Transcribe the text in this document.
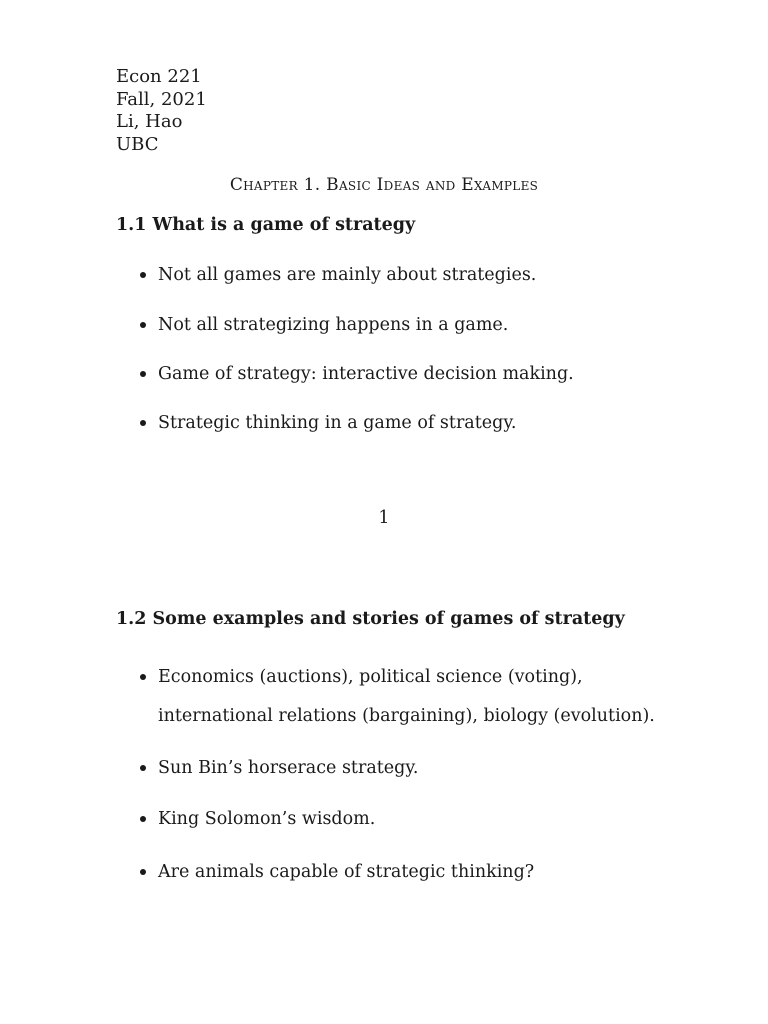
Econ 221
Fall, 2021
Li, Hao
UBC
Chapter 1. Basic Ideas and Examples
1.1 What is a game of strategy
Not all games are mainly about strategies.
Not all strategizing happens in a game.
Game of strategy: interactive decision making.
Strategic thinking in a game of strategy.
1
1.2 Some examples and stories of games of strategy
Economics (auctions), political science (voting), international relations (bargaining), biology (evolution).
Sun Bin’s horserace strategy.
King Solomon’s wisdom.
Are animals capable of strategic thinking?
